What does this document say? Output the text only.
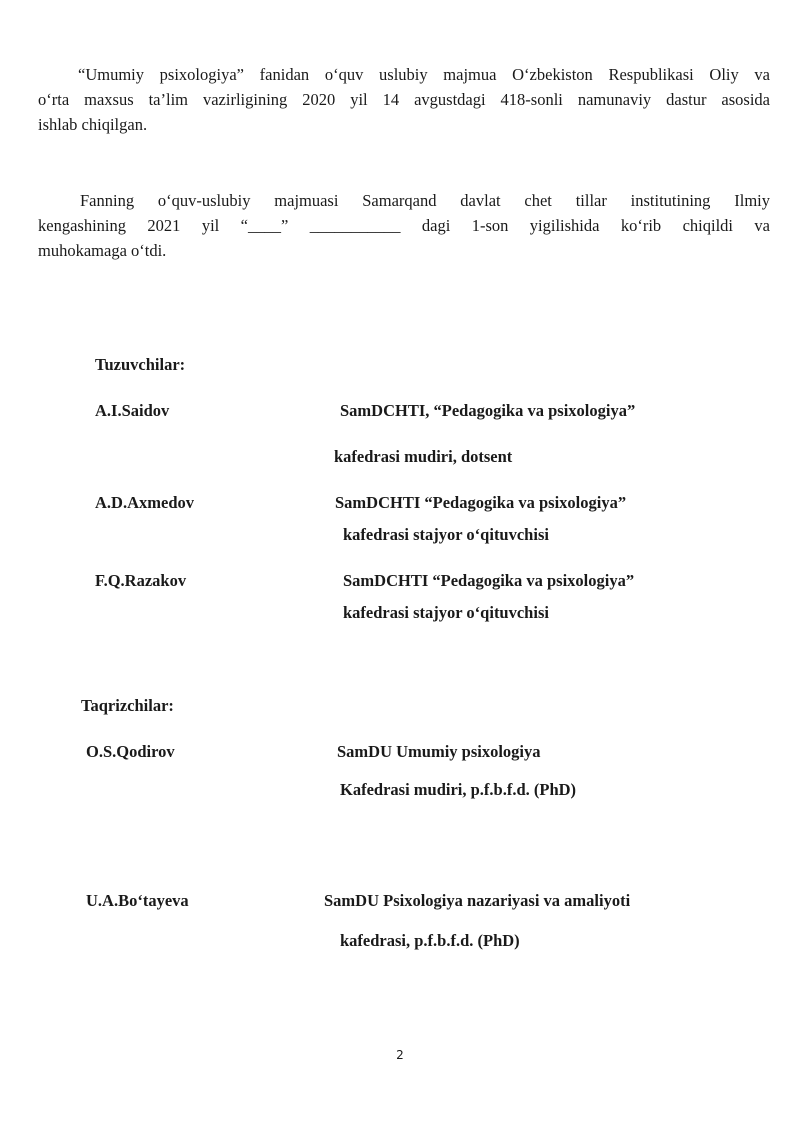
“Umumiy psixologiya” fanidan o‘quv uslubiy majmua O‘zbekiston Respublikasi Oliy va
o‘rta maxsus ta’lim vazirligining 2020 yil 14 avgustdagi 418-sonli namunaviy dastur asosida
ishlab chiqilgan.
Fanning o‘quv-uslubiy majmuasi Samarqand davlat chet tillar institutining Ilmiy
kengashining 2021 yil “____” ___________ dagi 1-son yigilishida ko‘rib chiqildi va
muhokamaga o‘tdi.
Tuzuvchilar:
A.I.Saidov	SamDCHTI, “Pedagogika va psixologiya”
kafedrasi mudiri, dotsent
A.D.Axmedov	SamDCHTI “Pedagogika va psixologiya”
kafedrasi stajyor o‘qituvchisi
F.Q.Razakov	SamDCHTI “Pedagogika va psixologiya”
kafedrasi stajyor o‘qituvchisi
Taqrizchilar:
O.S.Qodirov	SamDU Umumiy psixologiya
Kafedrasi mudiri, p.f.b.f.d. (PhD)
U.A.Bo‘tayeva	SamDU Psixologiya nazariyasi va amaliyoti
kafedrasi, p.f.b.f.d. (PhD)
2
